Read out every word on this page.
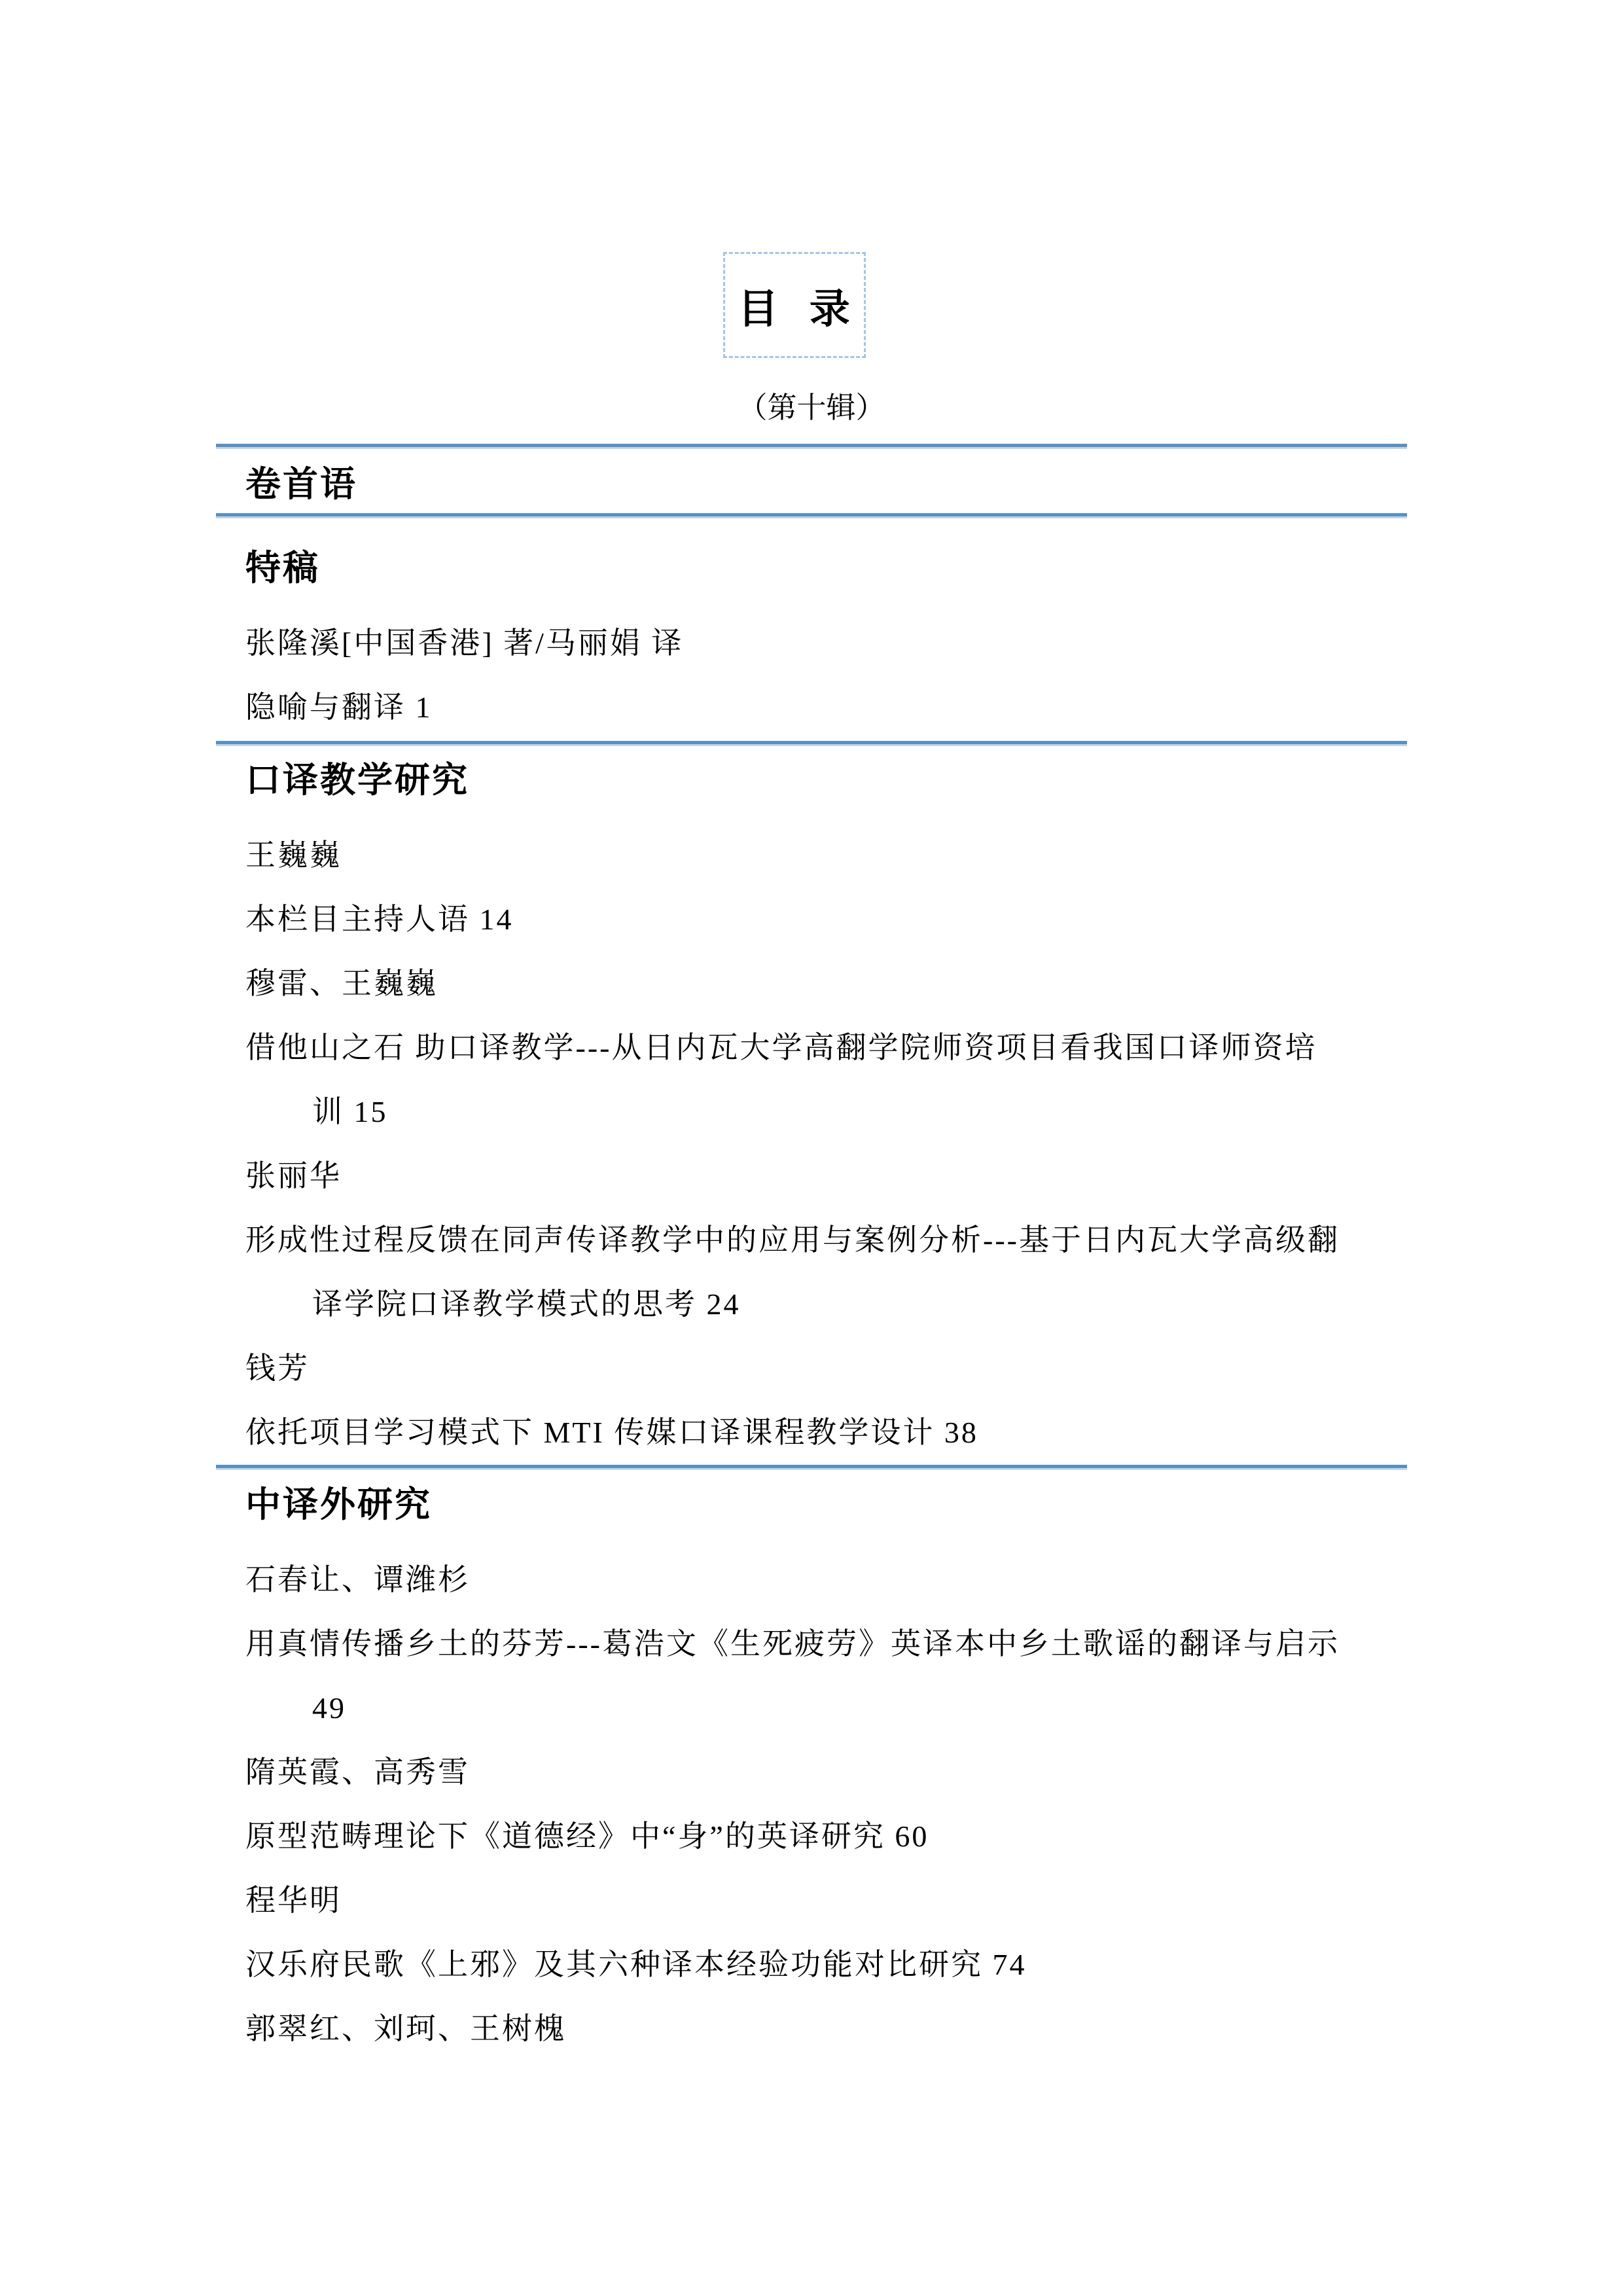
目 录
（第十辑）
卷首语
特稿

张隆溪[中国香港] 著/马丽娟 译

隐喻与翻译 1

口译教学研究

王巍巍

本栏目主持人语 14

穆雷、王巍巍

借他山之石 助口译教学---从日内瓦大学高翻学院师资项目看我国口译师资培

训 15

张丽华

形成性过程反馈在同声传译教学中的应用与案例分析---基于日内瓦大学高级翻

译学院口译教学模式的思考 24

钱芳

依托项目学习模式下 MTI 传媒口译课程教学设计 38

中译外研究

石春让、谭潍杉

用真情传播乡土的芬芳---葛浩文《生死疲劳》英译本中乡土歌谣的翻译与启示

49

隋英霞、高秀雪

原型范畴理论下《道德经》中“身”的英译研究 60

程华明

汉乐府民歌《上邪》及其六种译本经验功能对比研究 74

郭翠红、刘珂、王树槐
